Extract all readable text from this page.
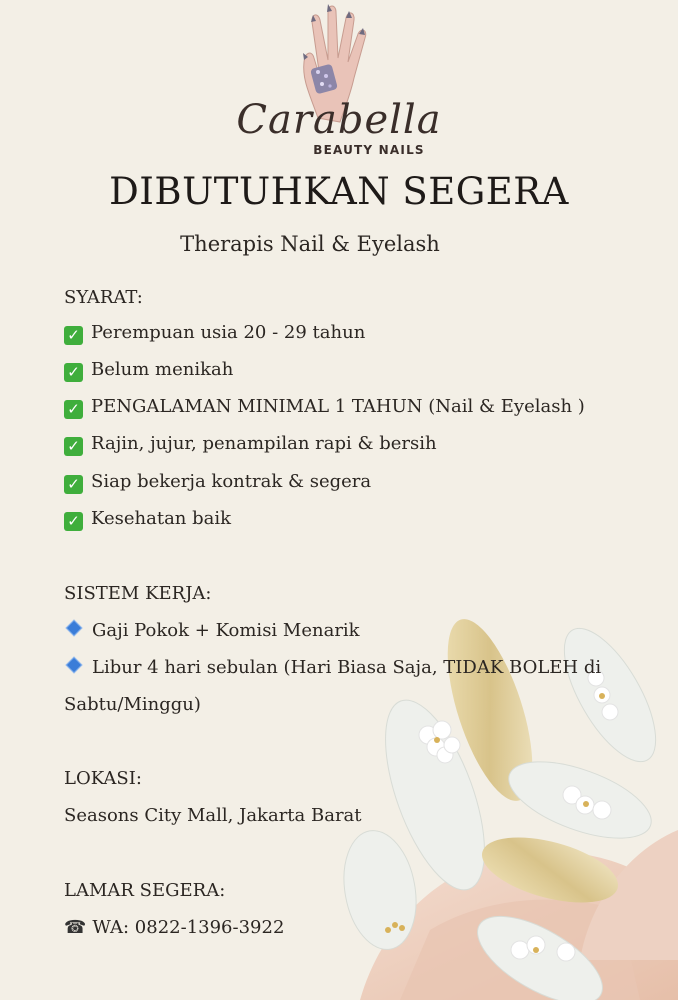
Carabella
BEAUTY NAILS
DIBUTUHKAN SEGERA
Therapis Nail & Eyelash
SYARAT:
✓ Perempuan usia 20 - 29 tahun
✓ Belum menikah
✓ PENGALAMAN MINIMAL 1 TAHUN (Nail & Eyelash )
✓ Rajin, jujur, penampilan rapi & bersih
✓ Siap bekerja kontrak & segera
✓ Kesehatan baik
SISTEM KERJA:
Gaji Pokok + Komisi Menarik
Libur 4 hari sebulan (Hari Biasa Saja, TIDAK BOLEH di
Sabtu/Minggu)
LOKASI:
Seasons City Mall, Jakarta Barat
LAMAR SEGERA:
☎ WA: 0822-1396-3922
